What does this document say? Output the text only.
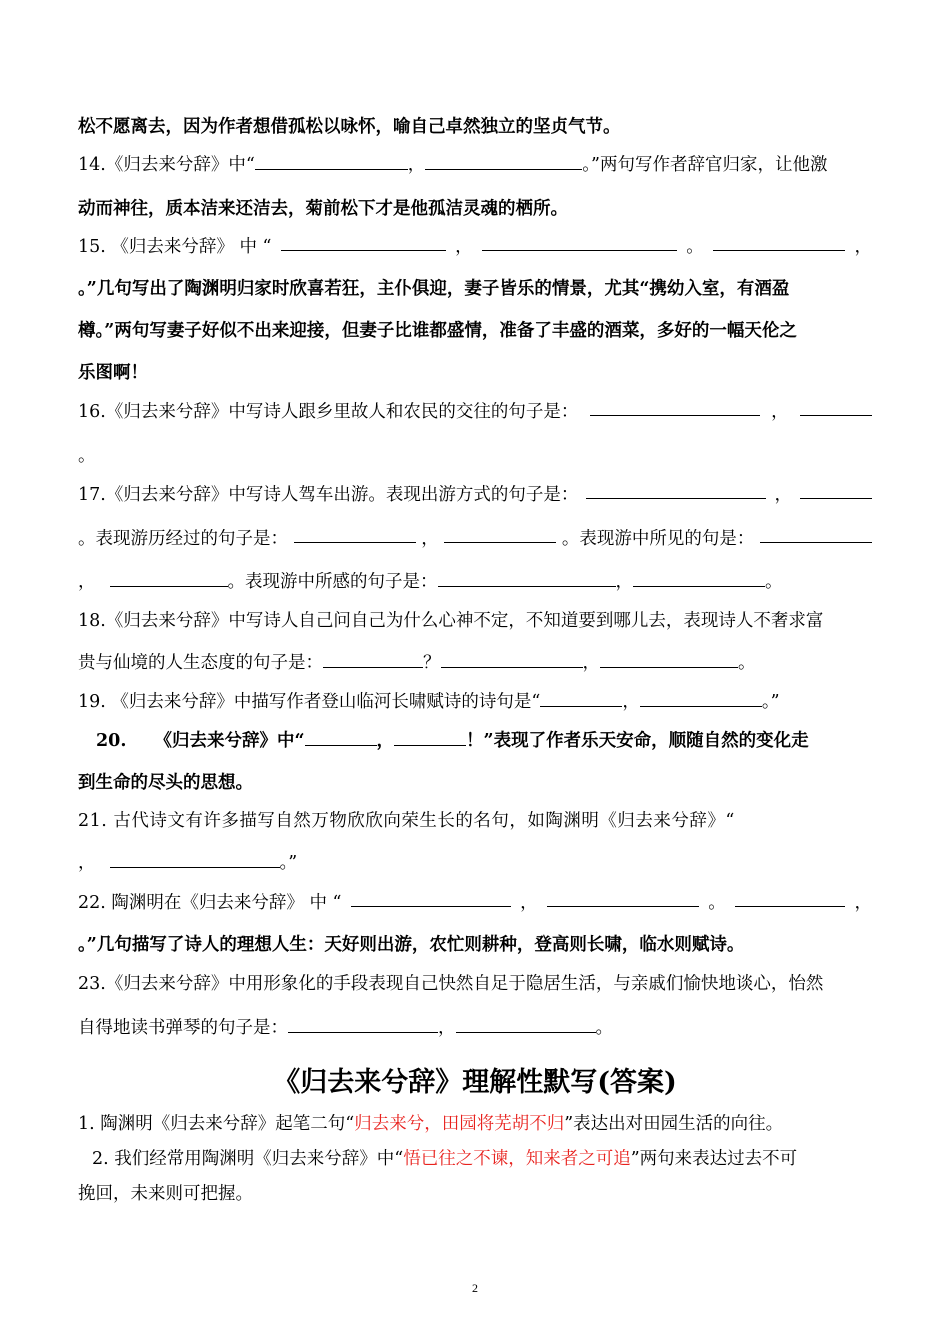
松不愿离去，因为作者想借孤松以咏怀，喻自己卓然独立的坚贞气节。
14.《归去来兮辞》中“	，	。”两句写作者辞官归家，让他激
动而神往，质本洁来还洁去，菊前松下才是他孤洁灵魂的栖所。
15. 《归去来兮辞》 中 “	，	。	，
。”几句写出了陶渊明归家时欣喜若狂，主仆俱迎，妻子皆乐的情景，尤其“携幼入室，有酒盈
樽。”两句写妻子好似不出来迎接，但妻子比谁都盛情，准备了丰盛的酒菜，多好的一幅天伦之
乐图啊！
16.《归去来兮辞》中写诗人跟乡里故人和农民的交往的句子是：	，
。
17.《归去来兮辞》中写诗人驾车出游。表现出游方式的句子是：	，
。表现游历经过的句子是：	，	。表现游中所见的句是：
，	。表现游中所感的句子是：	，	。
18.《归去来兮辞》中写诗人自己问自己为什么心神不定，不知道要到哪儿去，表现诗人不奢求富
贵与仙境的人生态度的句子是：	？	，	。
19. 《归去来兮辞》中描写作者登山临河长啸赋诗的诗句是“	，	。”
20. 《归去来兮辞》中“	，	！”表现了作者乐天安命，顺随自然的变化走
到生命的尽头的思想。
21. 古代诗文有许多描写自然万物欣欣向荣生长的名句，如陶渊明《归去来兮辞》“
，	。”
22. 陶渊明在《归去来兮辞》 中 “	，	。	，
。”几句描写了诗人的理想人生：天好则出游，农忙则耕种，登高则长啸，临水则赋诗。
23.《归去来兮辞》中用形象化的手段表现自己快然自足于隐居生活，与亲戚们愉快地谈心，怡然
自得地读书弹琴的句子是：	，	。
《归去来兮辞》理解性默写(答案)
1. 陶渊明《归去来兮辞》起笔二句“归去来兮，田园将芜胡不归”表达出对田园生活的向往。
2. 我们经常用陶渊明《归去来兮辞》中“悟已往之不谏，知来者之可追”两句来表达过去不可
挽回，未来则可把握。
2
